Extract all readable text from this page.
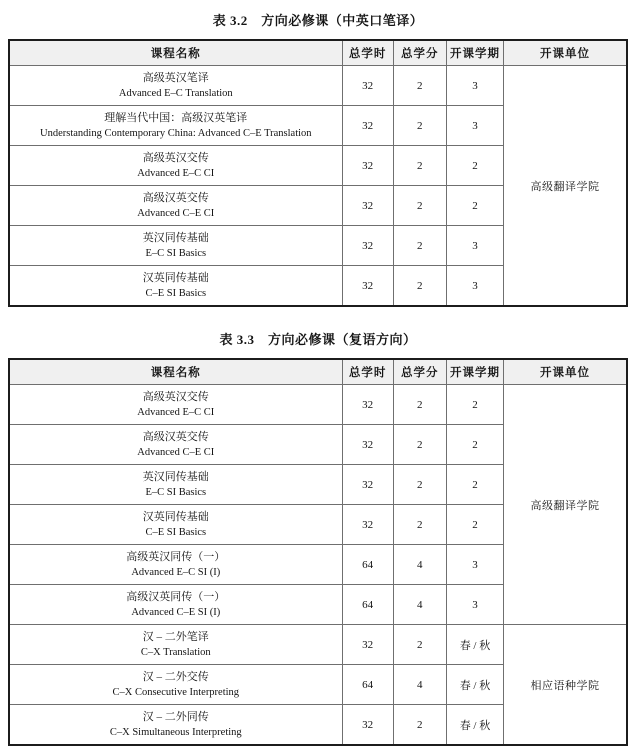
表 3.2　方向必修课（中英口笔译）
课程名称	总学时	总学分	开课学期	开课单位

高级英汉笔译
Advanced E–C Translation	32	2	3	高级翻译学院

理解当代中国：高级汉英笔译
Understanding Contemporary China: Advanced C–E Translation	32	2	3	

高级英汉交传
Advanced E–C CI	32	2	2	

高级汉英交传
Advanced C–E CI	32	2	2	

英汉同传基础
E–C SI Basics	32	2	3	

汉英同传基础
C–E SI Basics	32	2	3	
表 3.3　方向必修课（复语方向）
课程名称	总学时	总学分	开课学期	开课单位

高级英汉交传
Advanced E–C CI	32	2	2	高级翻译学院

高级汉英交传
Advanced C–E CI	32	2	2	

英汉同传基础
E–C SI Basics	32	2	2	

汉英同传基础
C–E SI Basics	32	2	2	

高级英汉同传（一）
Advanced E–C SI (I)	64	4	3	

高级汉英同传（一）
Advanced C–E SI (I)	64	4	3	

汉 – 二外笔译
C–X Translation	32	2	春 / 秋	相应语种学院

汉 – 二外交传
C–X Consecutive Interpreting	64	4	春 / 秋	

汉 – 二外同传
C–X Simultaneous Interpreting	32	2	春 / 秋	
